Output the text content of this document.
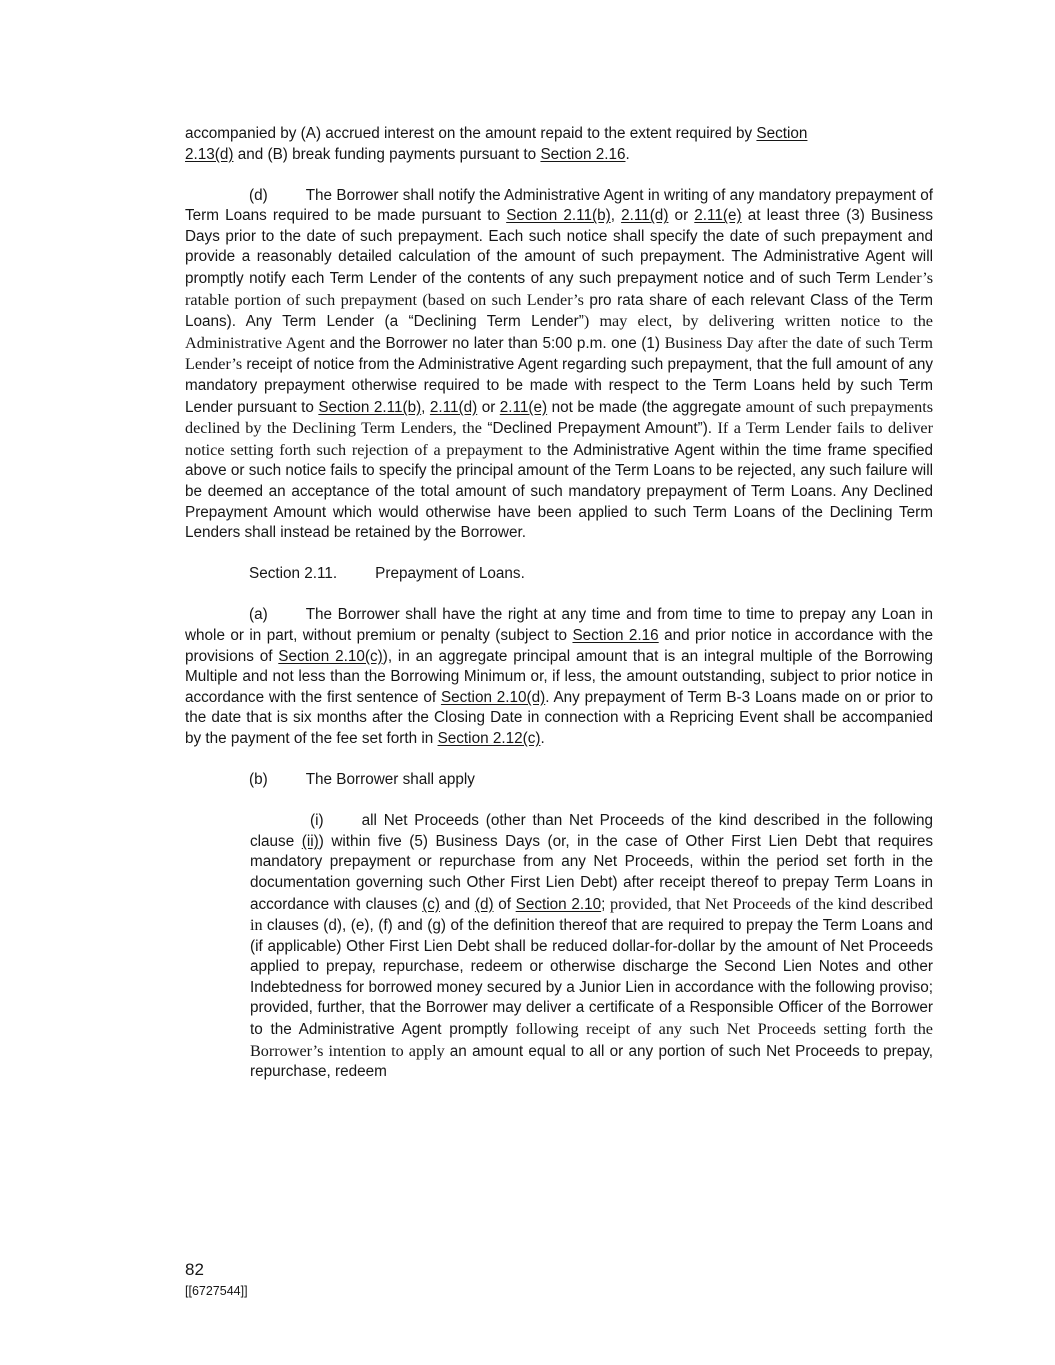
accompanied by (A) accrued interest on the amount repaid to the extent required by Section 2.13(d) and (B) break funding payments pursuant to Section 2.16.

(d) The Borrower shall notify the Administrative Agent in writing of any mandatory prepayment of Term Loans required to be made pursuant to Section 2.11(b), 2.11(d) or 2.11(e) at least three (3) Business Days prior to the date of such prepayment. Each such notice shall specify the date of such prepayment and provide a reasonably detailed calculation of the amount of such prepayment. The Administrative Agent will promptly notify each Term Lender of the contents of any such prepayment notice and of such Term Lender’s ratable portion of such prepayment (based on such Lender’s pro rata share of each relevant Class of the Term Loans). Any Term Lender (a “Declining Term Lender”) may elect, by delivering written notice to the Administrative Agent and the Borrower no later than 5:00 p.m. one (1) Business Day after the date of such Term Lender’s receipt of notice from the Administrative Agent regarding such prepayment, that the full amount of any mandatory prepayment otherwise required to be made with respect to the Term Loans held by such Term Lender pursuant to Section 2.11(b), 2.11(d) or 2.11(e) not be made (the aggregate amount of such prepayments declined by the Declining Term Lenders, the “Declined Prepayment Amount”). If a Term Lender fails to deliver notice setting forth such rejection of a prepayment to the Administrative Agent within the time frame specified above or such notice fails to specify the principal amount of the Term Loans to be rejected, any such failure will be deemed an acceptance of the total amount of such mandatory prepayment of Term Loans. Any Declined Prepayment Amount which would otherwise have been applied to such Term Loans of the Declining Term Lenders shall instead be retained by the Borrower.

Section 2.11. Prepayment of Loans.

(a) The Borrower shall have the right at any time and from time to time to prepay any Loan in whole or in part, without premium or penalty (subject to Section 2.16 and prior notice in accordance with the provisions of Section 2.10(c)), in an aggregate principal amount that is an integral multiple of the Borrowing Multiple and not less than the Borrowing Minimum or, if less, the amount outstanding, subject to prior notice in accordance with the first sentence of Section 2.10(d). Any prepayment of Term B-3 Loans made on or prior to the date that is six months after the Closing Date in connection with a Repricing Event shall be accompanied by the payment of the fee set forth in Section 2.12(c).

(b) The Borrower shall apply

(i) all Net Proceeds (other than Net Proceeds of the kind described in the following clause (ii)) within five (5) Business Days (or, in the case of Other First Lien Debt that requires mandatory prepayment or repurchase from any Net Proceeds, within the period set forth in the documentation governing such Other First Lien Debt) after receipt thereof to prepay Term Loans in accordance with clauses (c) and (d) of Section 2.10; provided, that Net Proceeds of the kind described in clauses (d), (e), (f) and (g) of the definition thereof that are required to prepay the Term Loans and (if applicable) Other First Lien Debt shall be reduced dollar-for-dollar by the amount of Net Proceeds applied to prepay, repurchase, redeem or otherwise discharge the Second Lien Notes and other Indebtedness for borrowed money secured by a Junior Lien in accordance with the following proviso; provided, further, that the Borrower may deliver a certificate of a Responsible Officer of the Borrower to the Administrative Agent promptly following receipt of any such Net Proceeds setting forth the Borrower’s intention to apply an amount equal to all or any portion of such Net Proceeds to prepay, repurchase, redeem

82
[[6727544]]
